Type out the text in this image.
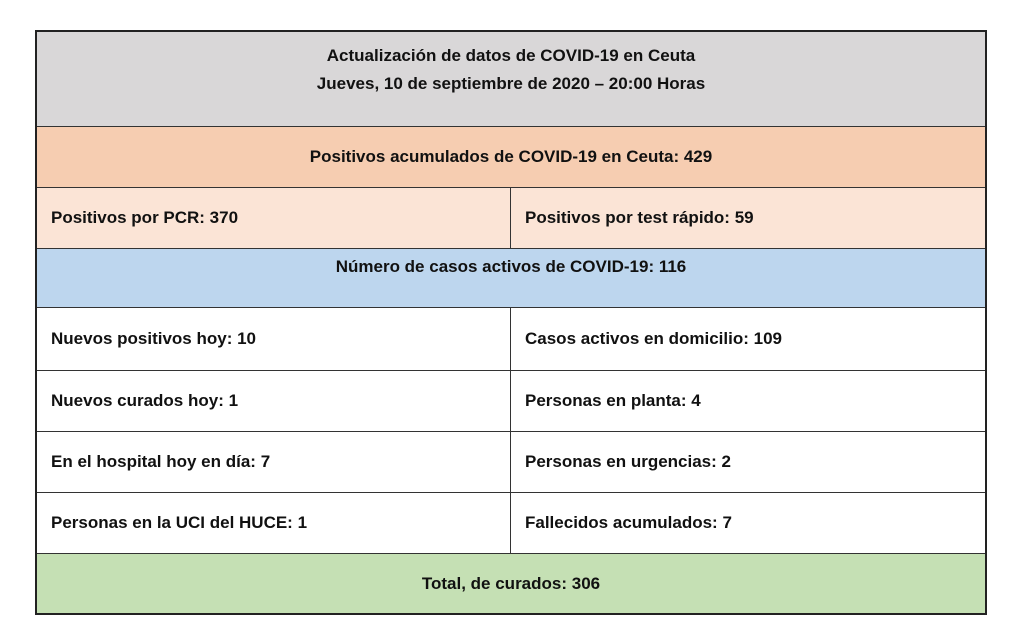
Actualización de datos de COVID-19 en Ceuta
Jueves, 10 de septiembre de 2020 – 20:00 Horas
Positivos acumulados de COVID-19 en Ceuta: 429
Positivos por PCR: 370	Positivos por test rápido: 59
Número de casos activos de COVID-19: 116
Nuevos positivos hoy: 10	Casos activos en domicilio: 109
Nuevos curados hoy: 1	Personas en planta: 4
En el hospital hoy en día: 7	Personas en urgencias: 2
Personas en la UCI del HUCE: 1	Fallecidos acumulados: 7
Total, de curados: 306
